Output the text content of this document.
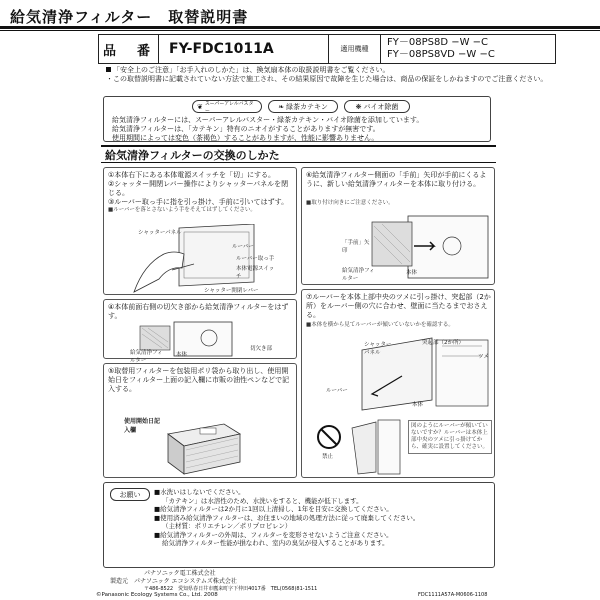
給気清浄フィルター　取替説明書
品　番	FY-FDC1011A	適用機種
FY－08PS8D −W −C
FY－08PS8VD −W −C
「安全上のご注意」「お手入れのしかた」は、換気扇本体の取扱説明書をご覧ください。
・この取替説明書に記載されていない方法で施工され、その結果原因で故障を生じた場合は、商品の保証をしかねますのでご注意ください。
❦ スーパーアレルバスター	❧ 緑茶カテキン	❋ バイオ除菌
給気清浄フィルターには、スーパーアレルバスター・緑茶カテキン・バイオ除菌を添加しています。
給気清浄フィルターは、「カテキン」特有のニオイがすることがありますが無害です。
使用期間によっては変色（茶褐色）することがありますが、性能に影響ありません。
給気清浄フィルターの交換のしかた
①本体右下にある本体電源スイッチを「切」にする。
②シャッター開閉レバー操作によりシャッターパネルを閉じる。
③ルーバー取っ手に指を引っ掛け、手前に引いてはずす。
■ルーバーを落とさないよう手をそえてはずしてください。
シャッターパネル
ルーバー
ルーバー取っ手
本体電源スイッチ
シャッター開閉レバー
④本体前面右側の切欠き部から給気清浄フィルターをはずす。
給気清浄フィルター
本体
切欠き部
⑤取替用フィルターを包装用ポリ袋から取り出し、使用開始日をフィルター上面の記入欄に市販の油性ペンなどで記入する。
使用開始日記入欄
⑥給気清浄フィルター側面の「手前」矢印が手前にくるように、新しい給気清浄フィルターを本体に取り付ける。
■取り付け向きにご注意ください。
「手前」矢印
給気清浄フィルター
本体
⑦ルーバーを本体上部中央のツメに引っ掛け、突起部（2か所）をルーバー側の穴に合わせ、壁面に当たるまでおさえる。
■本体を横から見てルーバーが傾いていないかを確認する。
シャッターパネル
突起部（2か所）
ツメ
ルーバー
本体
禁止
図のようにルーバーが傾いていないですか？ルーバーは本体上部中央のツメに引っ掛けてから、確実に設置してください。
お願い	■水洗いはしないでください。
「カテキン」は水溶性のため、水洗いをすると、機能が低下します。
■給気清浄フィルターは2か月に1回以上清掃し、1年を目安に交換してください。
■使用済み給気清浄フィルターは、お住まいの地域の処理方法に従って廃棄してください。
（主材質：ポリエチレン／ポリプロピレン）
■給気清浄フィルターの外周は、フィルターを変形させないようご注意ください。
給気清浄フィルター性能が損なわれ、室内の臭気が侵入することがあります。
パナソニック電工株式会社
製造元　 パナソニック エコシステムズ株式会社
〒486-8522　愛知県春日井市鷹来町字下仲田4017番　TEL(0568)81-1511
©Panasonic Ecology Systems Co., Ltd. 2008	FDC1111A57A-M0606-1108
